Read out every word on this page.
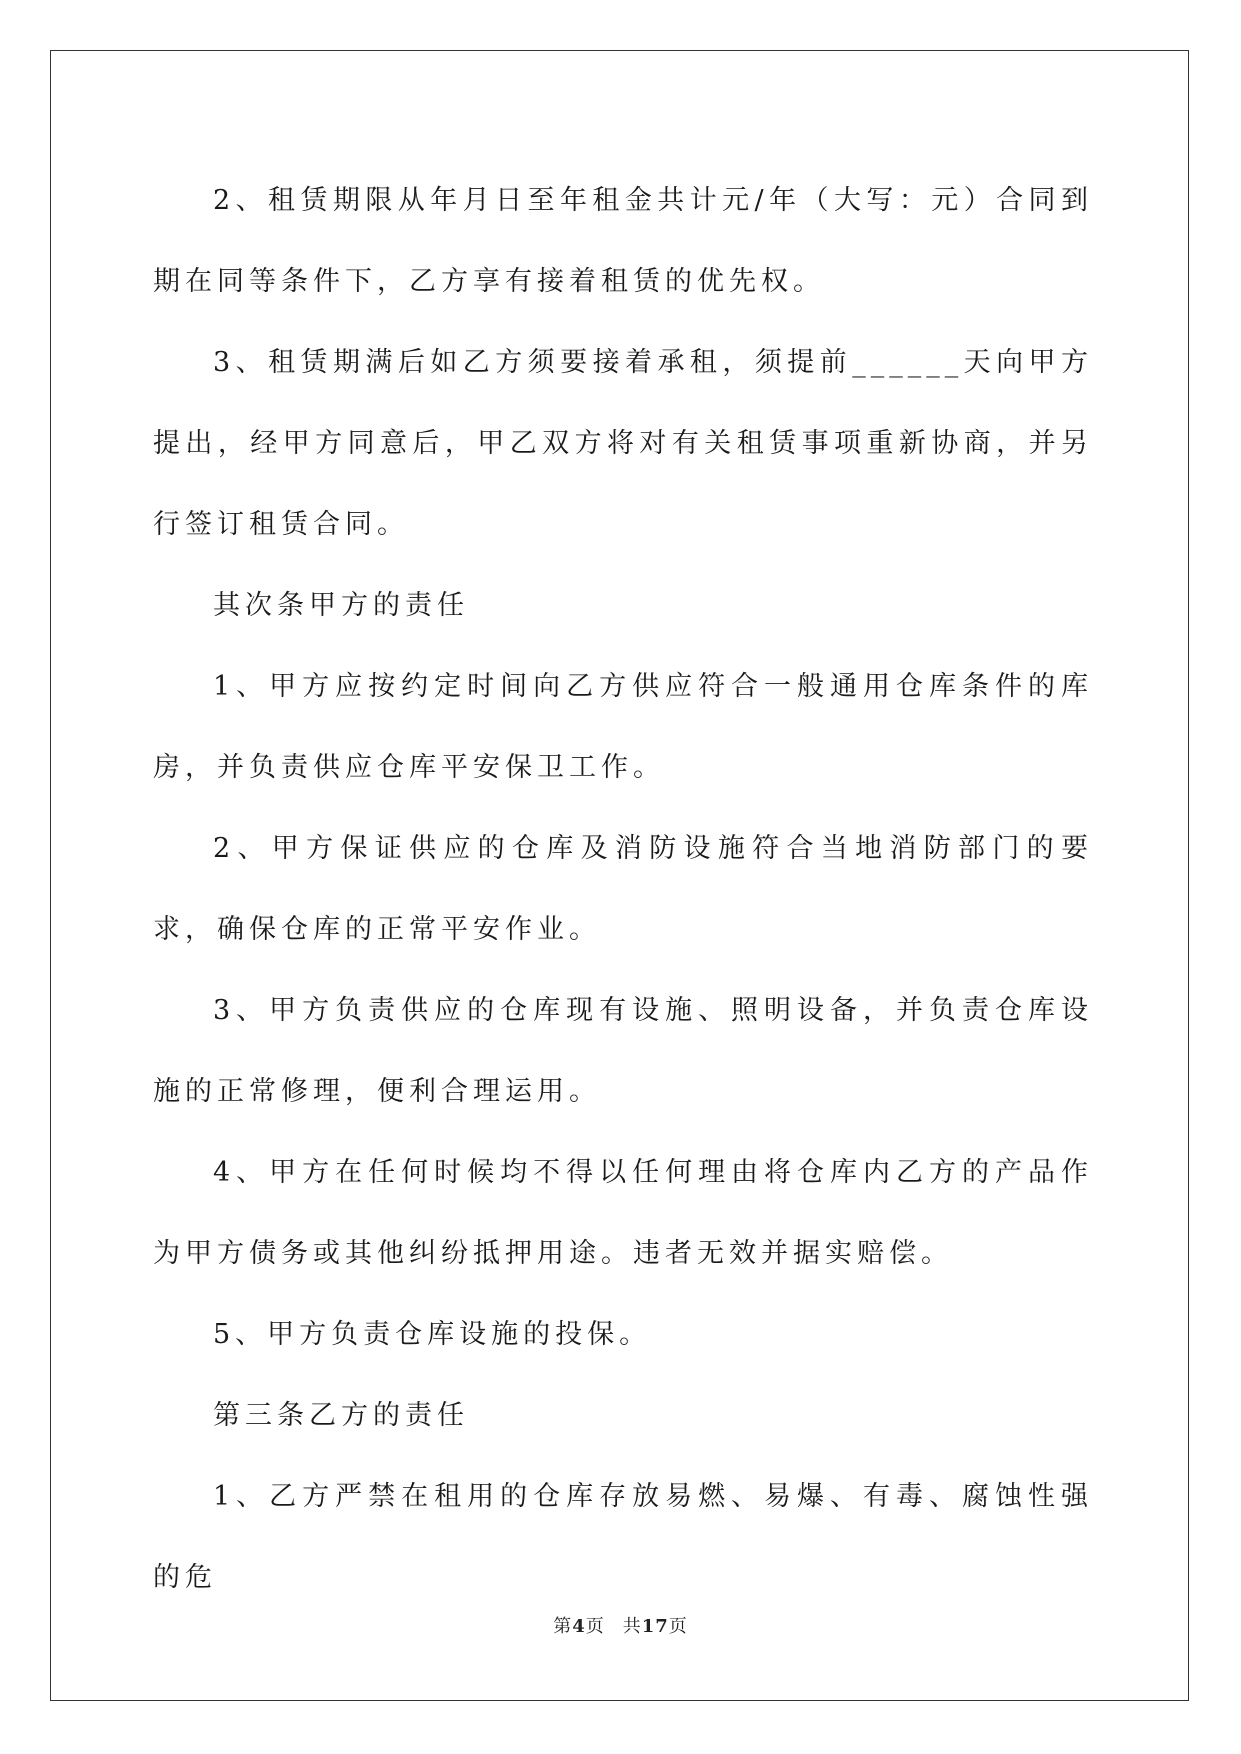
2、租赁期限从年月日至年租金共计元/年（大写：元）合同到期在同等条件下，乙方享有接着租赁的优先权。

3、租赁期满后如乙方须要接着承租，须提前______天向甲方提出，经甲方同意后，甲乙双方将对有关租赁事项重新协商，并另行签订租赁合同。

其次条甲方的责任

1、甲方应按约定时间向乙方供应符合一般通用仓库条件的库房，并负责供应仓库平安保卫工作。

2、甲方保证供应的仓库及消防设施符合当地消防部门的要求，确保仓库的正常平安作业。

3、甲方负责供应的仓库现有设施、照明设备，并负责仓库设施的正常修理，便利合理运用。

4、甲方在任何时候均不得以任何理由将仓库内乙方的产品作为甲方债务或其他纠纷抵押用途。违者无效并据实赔偿。

5、甲方负责仓库设施的投保。

第三条乙方的责任

1、乙方严禁在租用的仓库存放易燃、易爆、有毒、腐蚀性强的危

第4页 共17页
